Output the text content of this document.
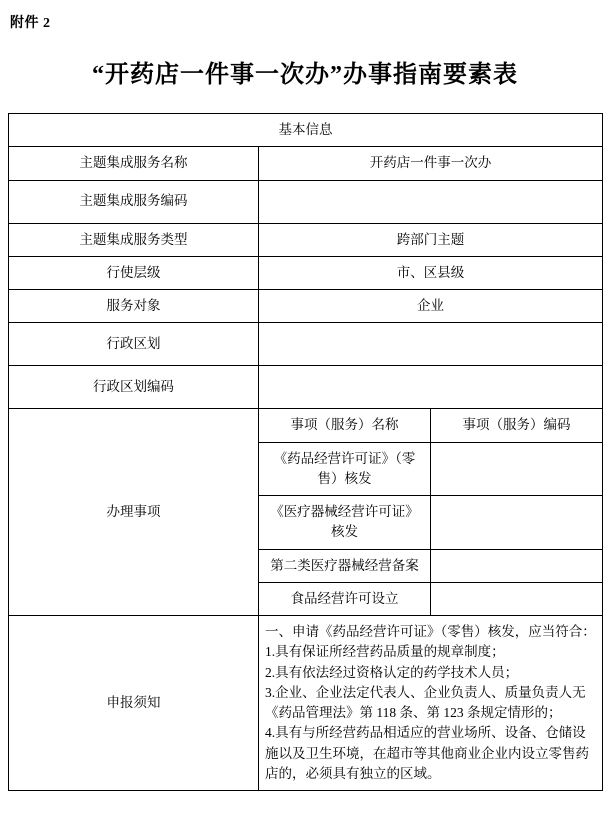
附件 2
“开药店一件事一次办”办事指南要素表
基本信息		
主题集成服务名称	开药店一件事一次办	
主题集成服务编码		
主题集成服务类型	跨部门主题	
行使层级	市、区县级	
服务对象	企业	
行政区划		
行政区划编码		
办理事项	事项（服务）名称	事项（服务）编码
	《药品经营许可证》（零售）核发	
	《医疗器械经营许可证》核发	
	第二类医疗器械经营备案	
	食品经营许可设立	
申报须知	一、申请《药品经营许可证》（零售）核发，应当符合：

1.具有保证所经营药品质量的规章制度；

2.具有依法经过资格认定的药学技术人员；

3.企业、企业法定代表人、企业负责人、质量负责人无《药品管理法》第 118 条、第 123 条规定情形的；

4.具有与所经营药品相适应的营业场所、设备、仓储设施以及卫生环境，在超市等其他商业企业内设立零售药店的，必须具有独立的区域。	
